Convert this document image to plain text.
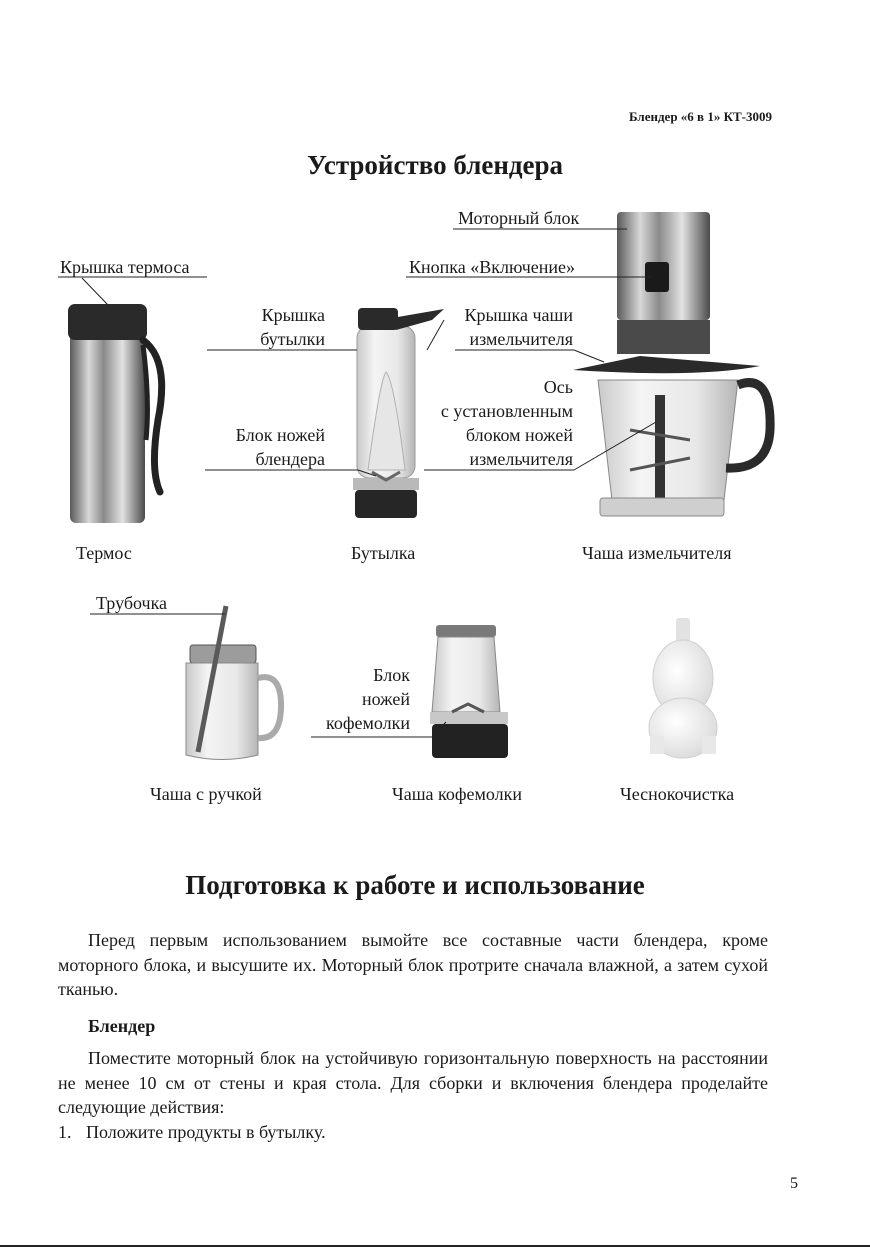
Блендер «6 в 1» КТ-3009
Устройство блендера
Моторный блок
Крышка термоса	Кнопка «Включение»
Крышка
бутылки
Крышка чаши
измельчителя
Ось
с установленным
блоком ножей
измельчителя
Блок ножей
блендера
Трубочка
Блок
ножей
кофемолки
Термос	Бутылка	Чаша измельчителя
Чаша с ручкой	Чаша кофемолки	Чеснокочистка
Подготовка к работе и использование
Перед первым использованием вымойте все составные части блендера, кроме моторного блока, и высушите их. Моторный блок протрите сначала влажной, а затем сухой тканью.
Блендер
Поместите моторный блок на устойчивую горизонтальную поверхность на расстоянии не менее 10 см от стены и края стола. Для сборки и включения блендера проделайте следующие действия:
1. Положите продукты в бутылку.
5
